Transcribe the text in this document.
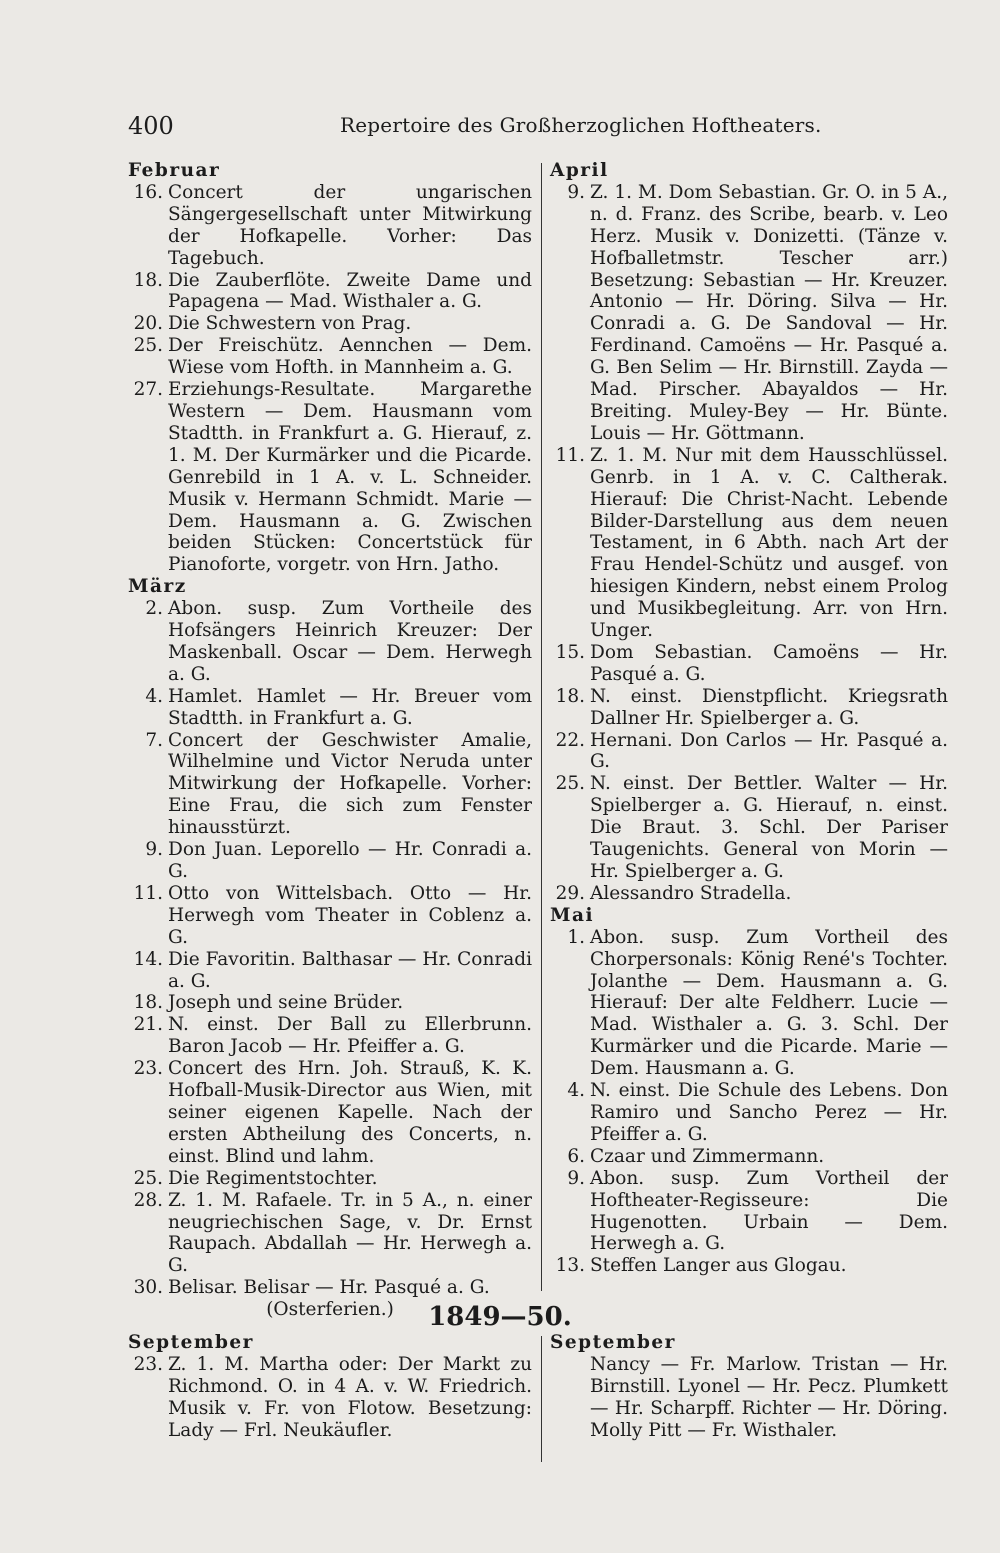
400	Repertoire des Großherzoglichen Hoftheaters.
Februar
16. Concert der ungarischen Sängergesellschaft unter Mitwirkung der Hofkapelle. Vorher: Das Tagebuch.
18. Die Zauberflöte. Zweite Dame und Papagena — Mad. Wisthaler a. G.
20. Die Schwestern von Prag.
25. Der Freischütz. Aennchen — Dem. Wiese vom Hofth. in Mannheim a. G.
27. Erziehungs-Resultate. Margarethe Western — Dem. Hausmann vom Stadtth. in Frankfurt a. G. Hierauf, z. 1. M. Der Kurmärker und die Picarde. Genrebild in 1 A. v. L. Schneider. Musik v. Hermann Schmidt. Marie — Dem. Hausmann a. G. Zwischen beiden Stücken: Concertstück für Pianoforte, vorgetr. von Hrn. Jatho.
März
2. Abon. susp. Zum Vortheile des Hofsängers Heinrich Kreuzer: Der Maskenball. Oscar — Dem. Herwegh a. G.
4. Hamlet. Hamlet — Hr. Breuer vom Stadtth. in Frankfurt a. G.
7. Concert der Geschwister Amalie, Wilhelmine und Victor Neruda unter Mitwirkung der Hofkapelle. Vorher: Eine Frau, die sich zum Fenster hinausstürzt.
9. Don Juan. Leporello — Hr. Conradi a. G.
11. Otto von Wittelsbach. Otto — Hr. Herwegh vom Theater in Coblenz a. G.
14. Die Favoritin. Balthasar — Hr. Conradi a. G.
18. Joseph und seine Brüder.
21. N. einst. Der Ball zu Ellerbrunn. Baron Jacob — Hr. Pfeiffer a. G.
23. Concert des Hrn. Joh. Strauß, K. K. Hofball-Musik-Director aus Wien, mit seiner eigenen Kapelle. Nach der ersten Abtheilung des Concerts, n. einst. Blind und lahm.
25. Die Regimentstochter.
28. Z. 1. M. Rafaele. Tr. in 5 A., n. einer neugriechischen Sage, v. Dr. Ernst Raupach. Abdallah — Hr. Herwegh a. G.
30. Belisar. Belisar — Hr. Pasqué a. G.
(Osterferien.)
April
9. Z. 1. M. Dom Sebastian. Gr. O. in 5 A., n. d. Franz. des Scribe, bearb. v. Leo Herz. Musik v. Donizetti. (Tänze v. Hofballetmstr. Tescher arr.) Besetzung: Sebastian — Hr. Kreuzer. Antonio — Hr. Döring. Silva — Hr. Conradi a. G. De Sandoval — Hr. Ferdinand. Camoëns — Hr. Pasqué a. G. Ben Selim — Hr. Birnstill. Zayda — Mad. Pirscher. Abayaldos — Hr. Breiting. Muley-Bey — Hr. Bünte. Louis — Hr. Göttmann.
11. Z. 1. M. Nur mit dem Hausschlüssel. Genrb. in 1 A. v. C. Caltherak. Hierauf: Die Christ-Nacht. Lebende Bilder-Darstellung aus dem neuen Testament, in 6 Abth. nach Art der Frau Hendel-Schütz und ausgef. von hiesigen Kindern, nebst einem Prolog und Musikbegleitung. Arr. von Hrn. Unger.
15. Dom Sebastian. Camoëns — Hr. Pasqué a. G.
18. N. einst. Dienstpflicht. Kriegsrath Dallner Hr. Spielberger a. G.
22. Hernani. Don Carlos — Hr. Pasqué a. G.
25. N. einst. Der Bettler. Walter — Hr. Spielberger a. G. Hierauf, n. einst. Die Braut. 3. Schl. Der Pariser Taugenichts. General von Morin — Hr. Spielberger a. G.
29. Alessandro Stradella.
Mai
1. Abon. susp. Zum Vortheil des Chorpersonals: König René's Tochter. Jolanthe — Dem. Hausmann a. G. Hierauf: Der alte Feldherr. Lucie — Mad. Wisthaler a. G. 3. Schl. Der Kurmärker und die Picarde. Marie — Dem. Hausmann a. G.
4. N. einst. Die Schule des Lebens. Don Ramiro und Sancho Perez — Hr. Pfeiffer a. G.
6. Czaar und Zimmermann.
9. Abon. susp. Zum Vortheil der Hoftheater-Regisseure: Die Hugenotten. Urbain — Dem. Herwegh a. G.
13. Steffen Langer aus Glogau.
1849—50.
September
23. Z. 1. M. Martha oder: Der Markt zu Richmond. O. in 4 A. v. W. Friedrich. Musik v. Fr. von Flotow. Besetzung: Lady — Frl. Neukäufler.
September
Nancy — Fr. Marlow. Tristan — Hr. Birnstill. Lyonel — Hr. Pecz. Plumkett — Hr. Scharpff. Richter — Hr. Döring. Molly Pitt — Fr. Wisthaler.
